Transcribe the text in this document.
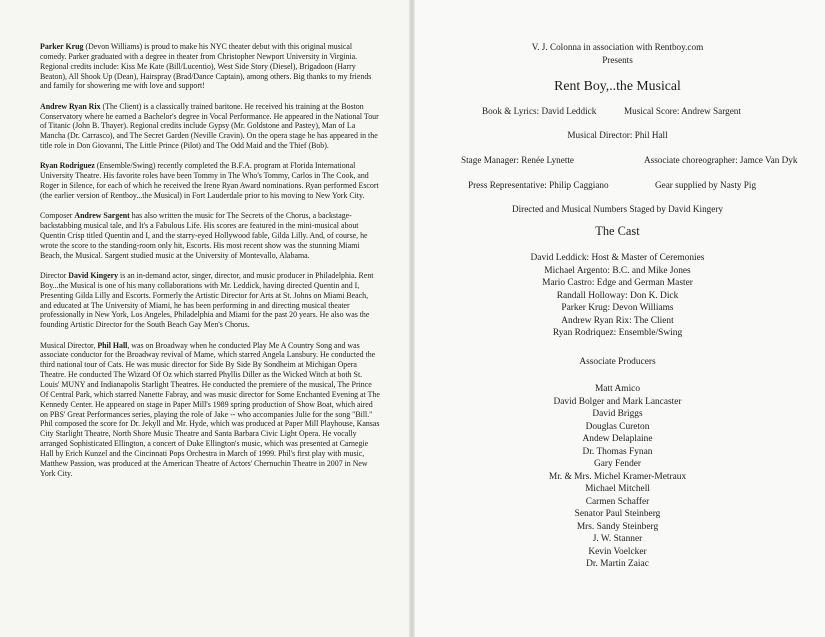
Parker Krug (Devon Williams) is proud to make his NYC theater debut with this original musical comedy. Parker graduated with a degree in theater from Christopher Newport University in Virginia. Regional credits include: Kiss Me Kate (Bill/Lucentio), West Side Story (Diesel), Brigadoon (Harry Beaton), All Shook Up (Dean), Hairspray (Brad/Dance Captain), among others. Big thanks to my friends and family for showering me with love and support!

Andrew Ryan Rix (The Client) is a classically trained baritone. He received his training at the Boston Conservatory where he earned a Bachelor's degree in Vocal Performance. He appeared in the National Tour of Titanic (John B. Thayer). Regional credits include Gypsy (Mr. Goldstone and Pastey), Man of La Mancha (Dr. Carrasco), and The Secret Garden (Neville Cravin). On the opera stage he has appeared in the title role in Don Giovanni, The Little Prince (Pilot) and The Odd Maid and the Thief (Bob).

Ryan Rodriguez (Ensemble/Swing) recently completed the B.F.A. program at Florida International University Theatre. His favorite roles have been Tommy in The Who's Tommy, Carlos in The Cook, and Roger in Silence, for each of which he received the Irene Ryan Award nominations. Ryan performed Escort (the earlier version of Rentboy...the Musical) in Fort Lauderdale prior to his moving to New York City.

Composer Andrew Sargent has also written the music for The Secrets of the Chorus, a backstage-backstabbing musical tale, and It's a Fabulous Life. His scores are featured in the mini-musical about Quentin Crisp titled Quentin and I, and the starry-eyed Hollywood fable, Gilda Lilly. And, of course, he wrote the score to the standing-room only hit, Escorts. His most recent show was the stunning Miami Beach, the Musical. Sargent studied music at the University of Montevallo, Alabama.

Director David Kingery is an in-demand actor, singer, director, and music producer in Philadelphia. Rent Boy...the Musical is one of his many collaborations with Mr. Leddick, having directed Quentin and I, Presenting Gilda Lilly and Escorts. Formerly the Artistic Director for Arts at St. Johns on Miami Beach, and educated at The University of Miami, he has been performing in and directing musical theater professionally in New York, Los Angeles, Philadelphia and Miami for the past 20 years. He also was the founding Artistic Director for the South Beach Gay Men's Chorus.

Musical Director, Phil Hall, was on Broadway when he conducted Play Me A Country Song and was associate conductor for the Broadway revival of Mame, which starred Angela Lansbury. He conducted the third national tour of Cats. He was music director for Side By Side By Sondheim at Michigan Opera Theatre. He conducted The Wizard Of Oz which starred Phyllis Diller as the Wicked Witch at both St. Louis' MUNY and Indianapolis Starlight Theatres. He conducted the premiere of the musical, The Prince Of Central Park, which starred Nanette Fabray, and was music director for Some Enchanted Evening at The Kennedy Center. He appeared on stage in Paper Mill's 1989 spring production of Show Boat, which aired on PBS' Great Performances series, playing the role of Jake -- who accompanies Julie for the song "Bill." Phil composed the score for Dr. Jekyll and Mr. Hyde, which was produced at Paper Mill Playhouse, Kansas City Starlight Theatre, North Shore Music Theatre and Santa Barbara Civic Light Opera. He vocally arranged Sophisticated Ellington, a concert of Duke Ellington's music, which was presented at Carnegie Hall by Erich Kunzel and the Cincinnati Pops Orchestra in March of 1999. Phil's first play with music, Matthew Passion, was produced at the American Theatre of Actors' Chernuchin Theatre in 2007 in New York City.

V. J. Colonna in association with Rentboy.com
Presents
Rent Boy,..the Musical
Book & Lyrics: David Leddick	Musical Score: Andrew Sargent
Musical Director: Phil Hall
Stage Manager: Renée Lynette	Associate choreographer: Jamce Van Dyk
Press Representative: Philip Caggiano	Gear supplied by Nasty Pig
Directed and Musical Numbers Staged by David Kingery
The Cast
David Leddick: Host & Master of Ceremonies
Michael Argento: B.C. and Mike Jones
Mario Castro: Edge and German Master
Randall Holloway: Don K. Dick
Parker Krug: Devon Williams
Andrew Ryan Rix: The Client
Ryan Rodriquez: Ensemble/Swing
Associate Producers
Matt Amico
David Bolger and Mark Lancaster
David Briggs
Douglas Cureton
Andew Delaplaine
Dr. Thomas Fynan
Gary Fender
Mr. & Mrs. Michel Kramer-Metraux
Michael Mitchell
Carmen Schaffer
Senator Paul Steinberg
Mrs. Sandy Steinberg
J. W. Stanner
Kevin Voelcker
Dr. Martin Zaiac
